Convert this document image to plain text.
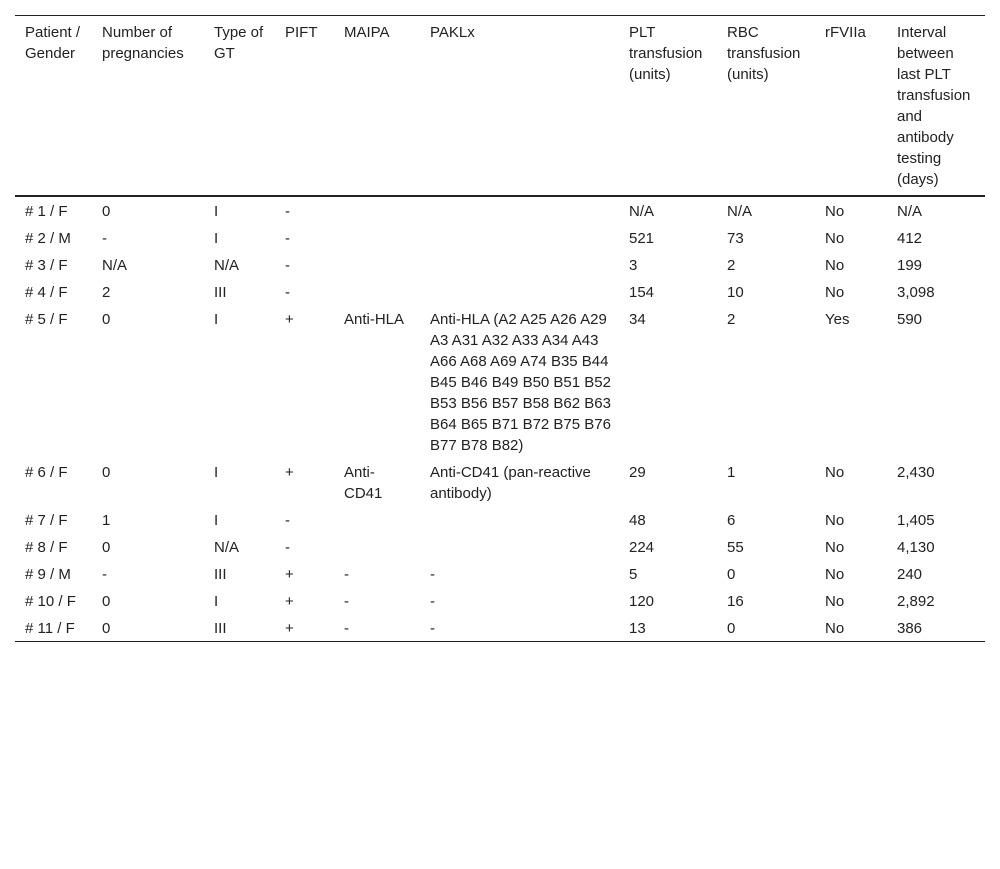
Patient / Gender	Number of pregnancies	Type of GT	PIFT	MAIPA	PAKLx	PLT transfusion (units)	RBC transfusion (units)	rFVIIa	Interval between last PLT transfusion and antibody testing (days)
# 1 / F	0	I	-			N/A	N/A	No	N/A
# 2 / M	-	I	-			521	73	No	412
# 3 / F	N/A	N/A	-			3	2	No	199
# 4 / F	2	III	-			154	10	No	3,098
# 5 / F	0	I	+	Anti-HLA	Anti-HLA (A2 A25 A26 A29 A3 A31 A32 A33 A34 A43 A66 A68 A69 A74 B35 B44 B45 B46 B49 B50 B51 B52 B53 B56 B57 B58 B62 B63 B64 B65 B71 B72 B75 B76 B77 B78 B82)	34	2	Yes	590
# 6 / F	0	I	+	Anti-CD41	Anti-CD41 (pan-reactive antibody)	29	1	No	2,430
# 7 / F	1	I	-			48	6	No	1,405
# 8 / F	0	N/A	-			224	55	No	4,130
# 9 / M	-	III	+	-	-	5	0	No	240
# 10 / F	0	I	+	-	-	120	16	No	2,892
# 11 / F	0	III	+	-	-	13	0	No	386
